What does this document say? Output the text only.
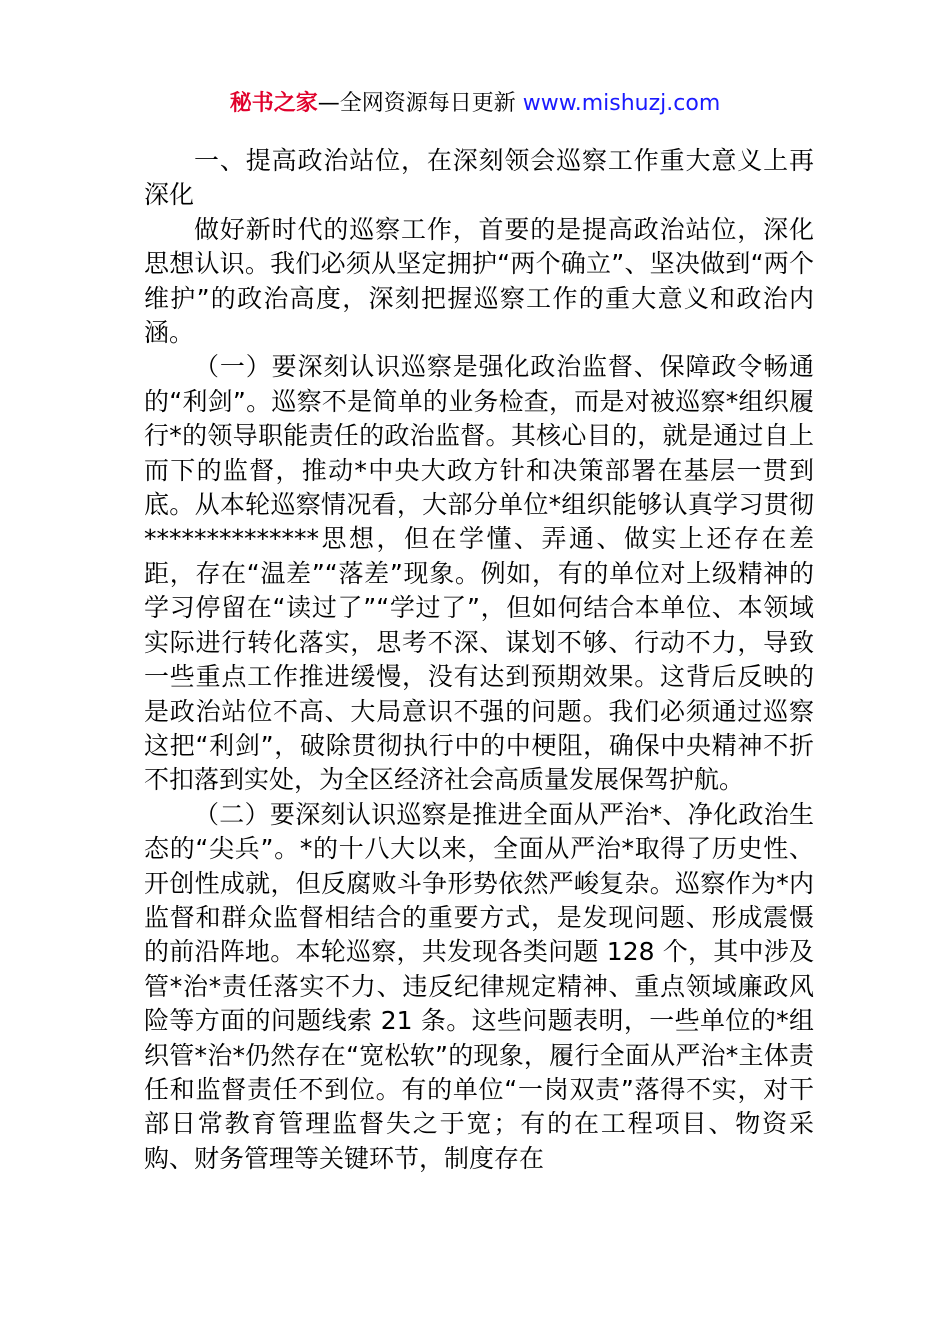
秘书之家—全网资源每日更新 www.mishuzj.com

一、提高政治站位，在深刻领会巡察工作重大意义上再深化

做好新时代的巡察工作，首要的是提高政治站位，深化思想认识。我们必须从坚定拥护“两个确立”、坚决做到“两个维护”的政治高度，深刻把握巡察工作的重大意义和政治内涵。

（一）要深刻认识巡察是强化政治监督、保障政令畅通的“利剑”。巡察不是简单的业务检查，而是对被巡察*组织履行*的领导职能责任的政治监督。其核心目的，就是通过自上而下的监督，推动*中央大政方针和决策部署在基层一贯到底。从本轮巡察情况看，大部分单位*组织能够认真学习贯彻**************思想，但在学懂、弄通、做实上还存在差距，存在“温差”“落差”现象。例如，有的单位对上级精神的学习停留在“读过了”“学过了”，但如何结合本单位、本领域实际进行转化落实，思考不深、谋划不够、行动不力，导致一些重点工作推进缓慢，没有达到预期效果。这背后反映的是政治站位不高、大局意识不强的问题。我们必须通过巡察这把“利剑”，破除贯彻执行中的中梗阻，确保中央精神不折不扣落到实处，为全区经济社会高质量发展保驾护航。

（二）要深刻认识巡察是推进全面从严治*、净化政治生态的“尖兵”。*的十八大以来，全面从严治*取得了历史性、开创性成就，但反腐败斗争形势依然严峻复杂。巡察作为*内监督和群众监督相结合的重要方式，是发现问题、形成震慑的前沿阵地。本轮巡察，共发现各类问题 128 个，其中涉及管*治*责任落实不力、违反纪律规定精神、重点领域廉政风险等方面的问题线索 21 条。这些问题表明，一些单位的*组织管*治*仍然存在“宽松软”的现象，履行全面从严治*主体责任和监督责任不到位。有的单位“一岗双责”落得不实，对干部日常教育管理监督失之于宽；有的在工程项目、物资采购、财务管理等关键环节，制度存在
